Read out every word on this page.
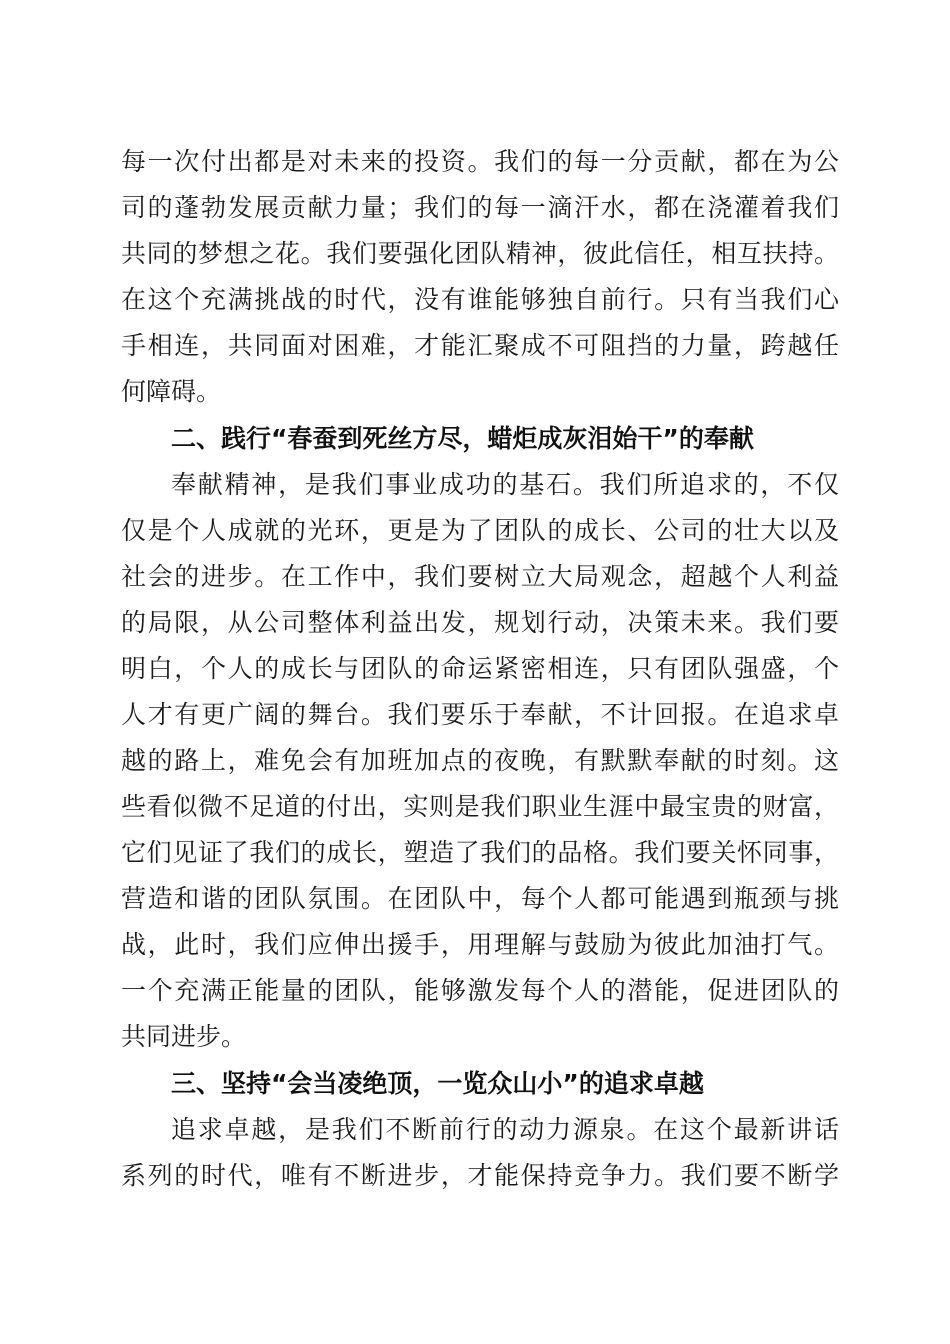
每一次付出都是对未来的投资。我们的每一分贡献，都在为公
司的蓬勃发展贡献力量；我们的每一滴汗水，都在浇灌着我们
共同的梦想之花。我们要强化团队精神，彼此信任，相互扶持。
在这个充满挑战的时代，没有谁能够独自前行。只有当我们心
手相连，共同面对困难，才能汇聚成不可阻挡的力量，跨越任
何障碍。
二、践行“春蚕到死丝方尽，蜡炬成灰泪始干”的奉献
奉献精神，是我们事业成功的基石。我们所追求的，不仅
仅是个人成就的光环，更是为了团队的成长、公司的壮大以及
社会的进步。在工作中，我们要树立大局观念，超越个人利益
的局限，从公司整体利益出发，规划行动，决策未来。我们要
明白，个人的成长与团队的命运紧密相连，只有团队强盛，个
人才有更广阔的舞台。我们要乐于奉献，不计回报。在追求卓
越的路上，难免会有加班加点的夜晚，有默默奉献的时刻。这
些看似微不足道的付出，实则是我们职业生涯中最宝贵的财富，
它们见证了我们的成长，塑造了我们的品格。我们要关怀同事，
营造和谐的团队氛围。在团队中，每个人都可能遇到瓶颈与挑
战，此时，我们应伸出援手，用理解与鼓励为彼此加油打气。
一个充满正能量的团队，能够激发每个人的潜能，促进团队的
共同进步。
三、坚持“会当凌绝顶，一览众山小”的追求卓越
追求卓越，是我们不断前行的动力源泉。在这个最新讲话
系列的时代，唯有不断进步，才能保持竞争力。我们要不断学
